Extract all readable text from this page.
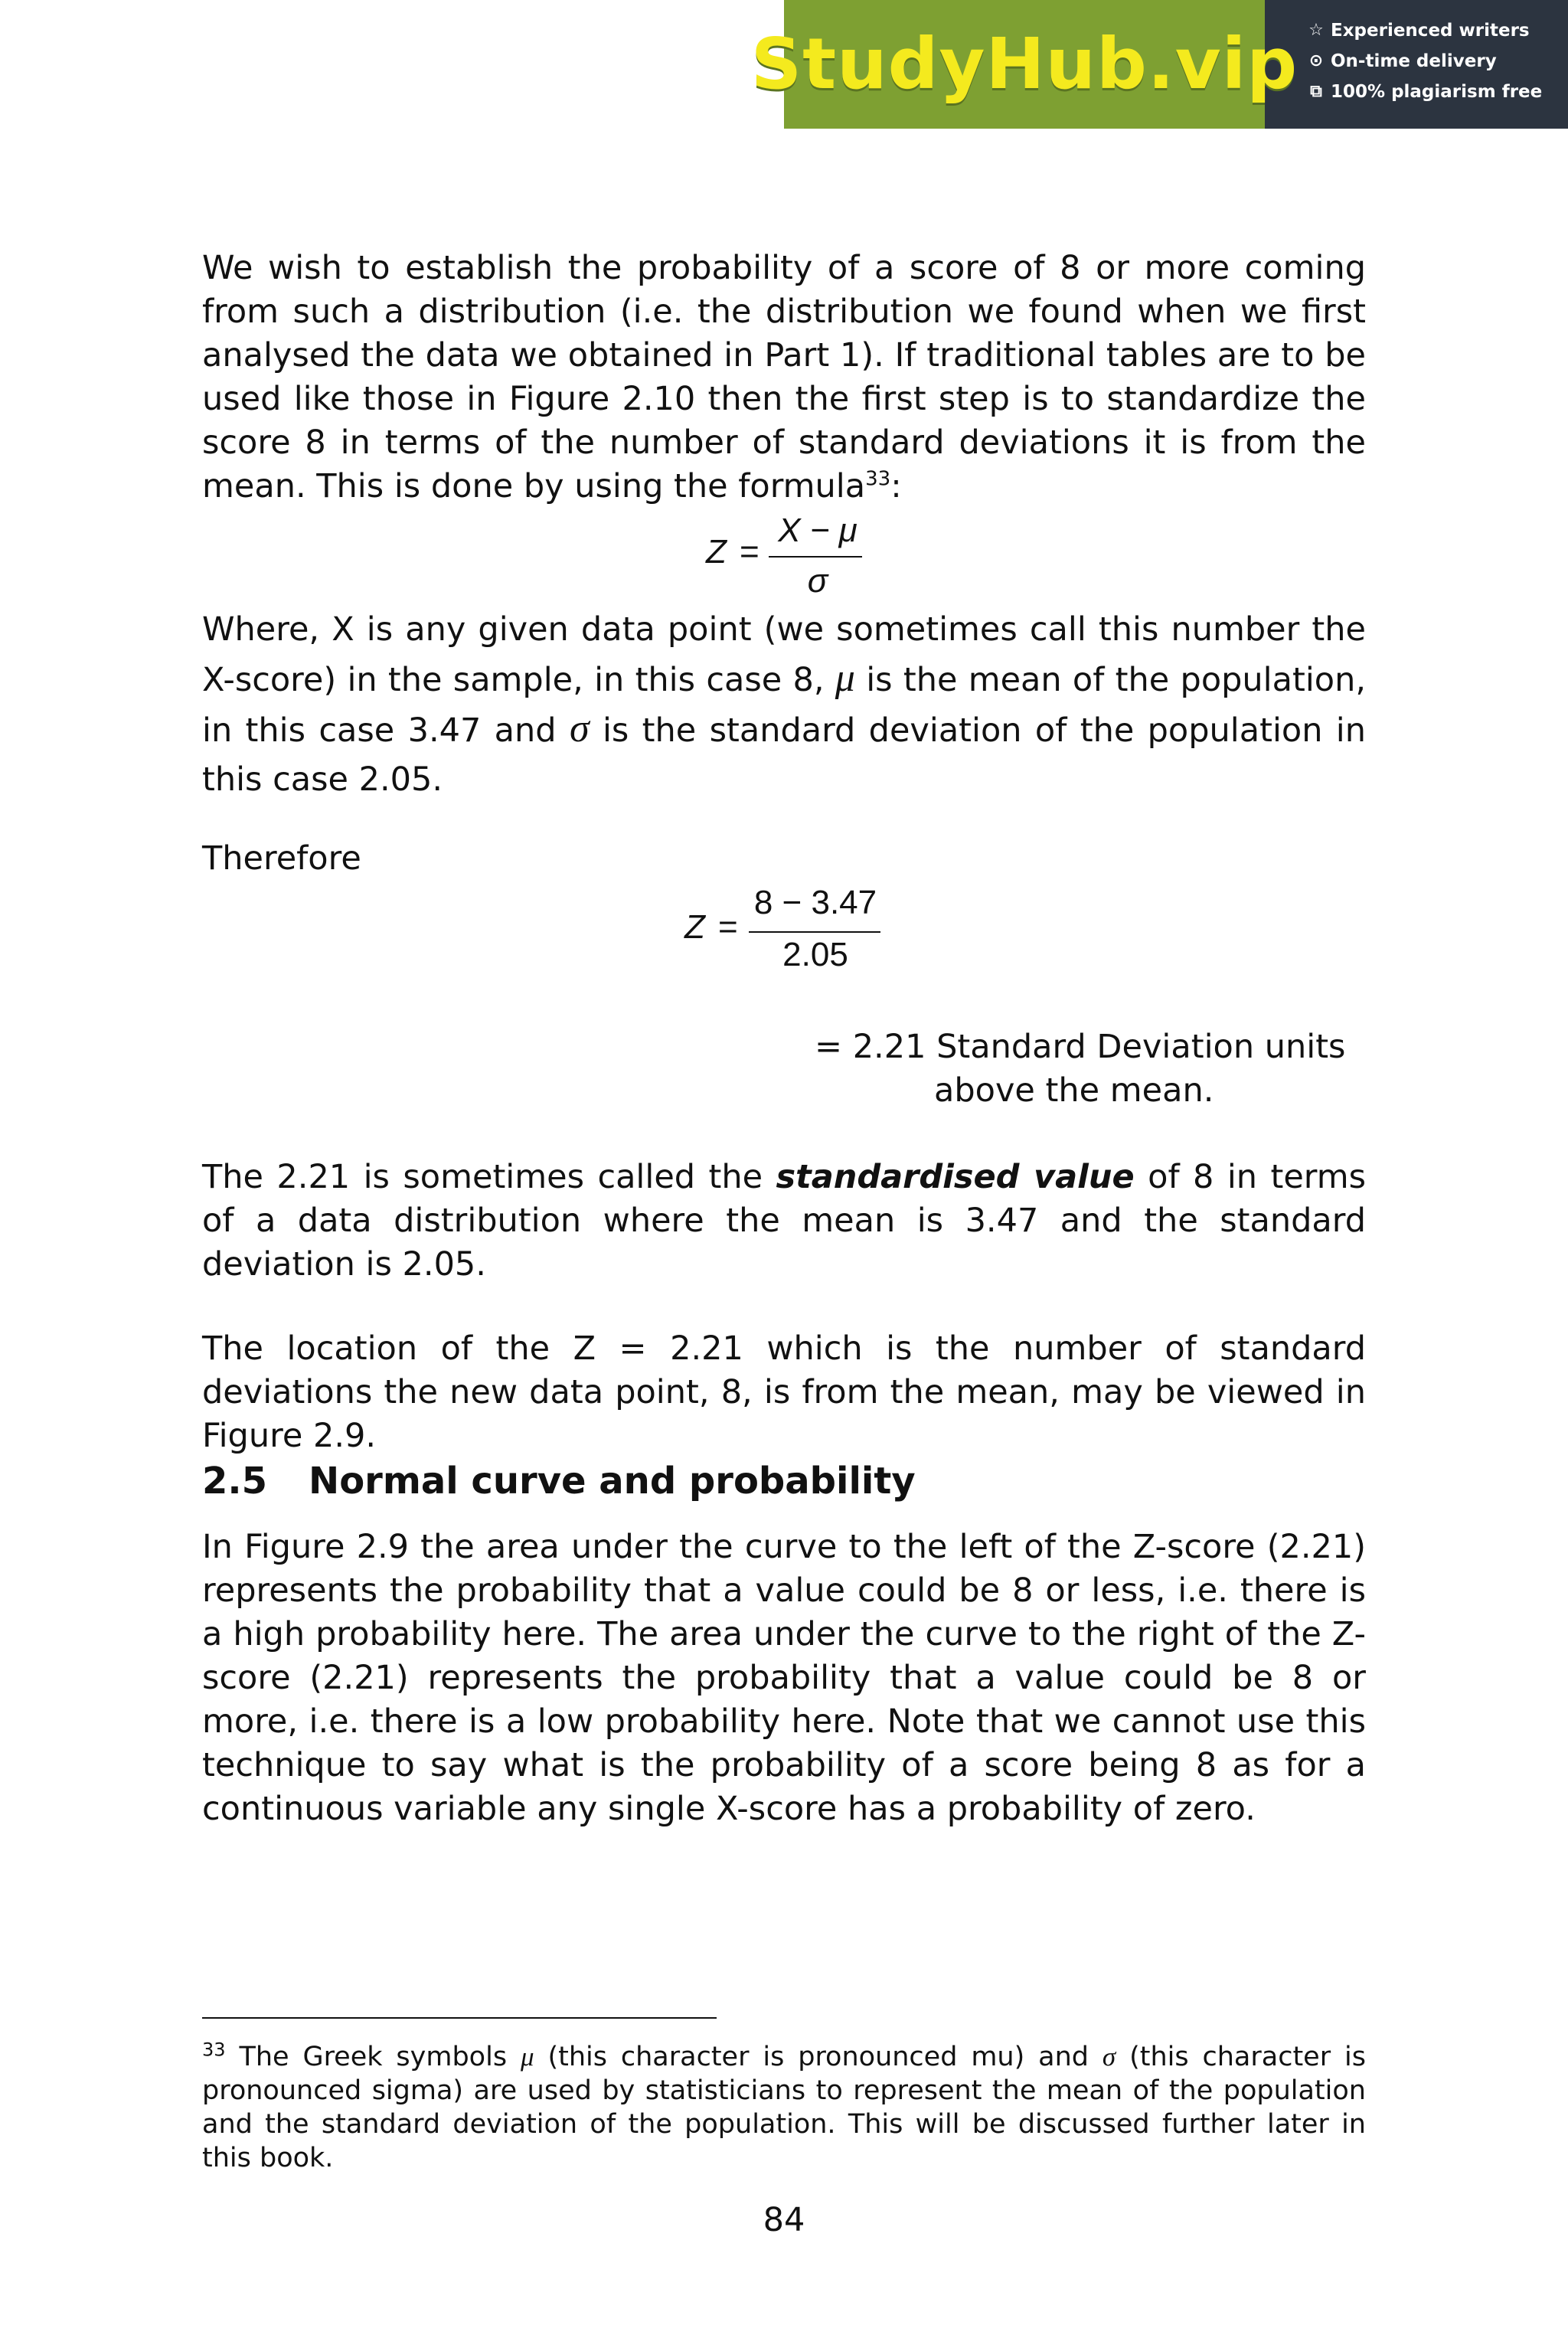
StudyHub.vip ☆ Experienced writers
⊙ On-time delivery
⧉ 100% plagiarism free
We wish to establish the probability of a score of 8 or more coming from such a distribution (i.e. the distribution we found when we first analysed the data we obtained in Part 1). If traditional tables are to be used like those in Figure 2.10 then the first step is to standardize the score 8 in terms of the number of standard deviations it is from the mean. This is done by using the formula$^{33}$:
Z =
X − μ
σ
Where, X is any given data point (we sometimes call this number the X-score) in the sample, in this case 8, μ is the mean of the population, in this case 3.47 and σ is the standard deviation of the population in this case 2.05.
Therefore
Z =
8 − 3.47
2.05
= 2.21 Standard Deviation units
above the mean.
The 2.21 is sometimes called the standardised value of 8 in terms of a data distribution where the mean is 3.47 and the standard deviation is 2.05.
The location of the Z = 2.21 which is the number of standard deviations the new data point, 8, is from the mean, may be viewed in Figure 2.9.
2.5 Normal curve and probability
In Figure 2.9 the area under the curve to the left of the Z-score (2.21) represents the probability that a value could be 8 or less, i.e. there is a high probability here. The area under the curve to the right of the Z-score (2.21) represents the probability that a value could be 8 or more, i.e. there is a low probability here. Note that we cannot use this technique to say what is the probability of a score being 8 as for a continuous variable any single X-score has a probability of zero.
$^{33}$ The Greek symbols μ (this character is pronounced mu) and σ (this character is pronounced sigma) are used by statisticians to represent the mean of the population and the standard deviation of the population. This will be discussed further later in this book.
84
